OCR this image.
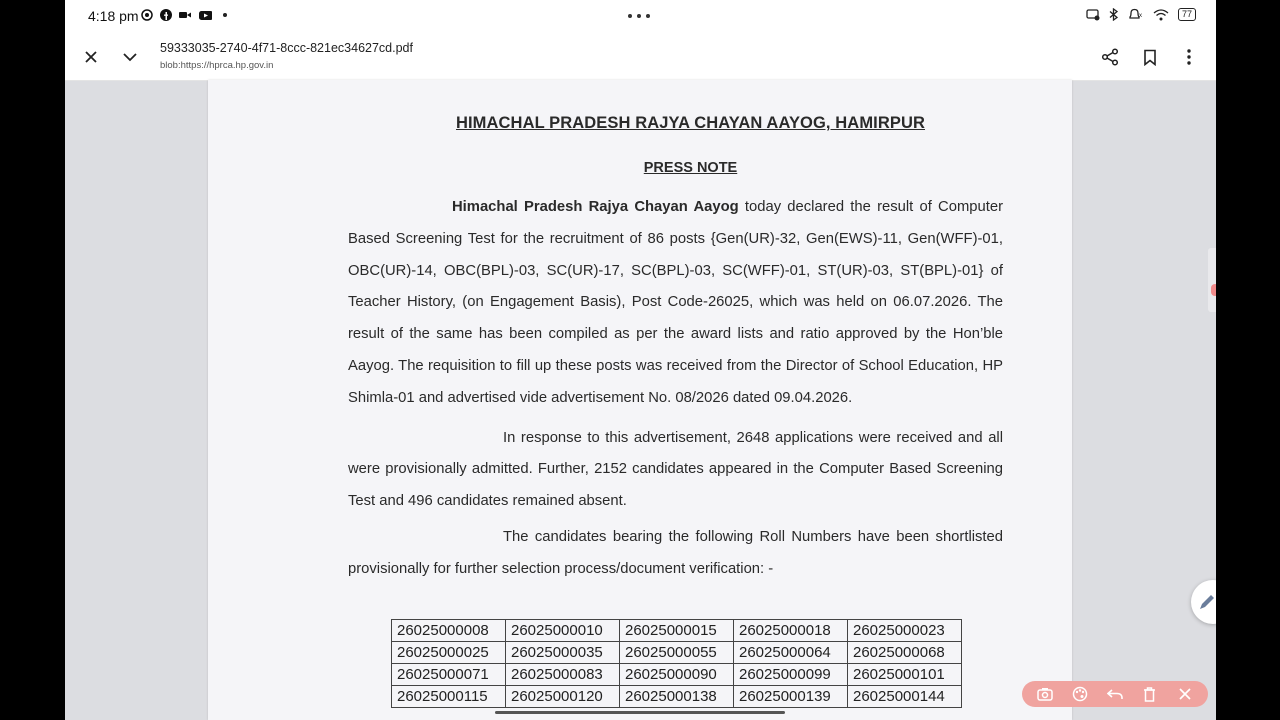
4:18 pm	x	77
59333035-2740-4f71-8ccc-821ec34627cd.pdf
blob:https://hprca.hp.gov.in
HIMACHAL PRADESH RAJYA CHAYAN AAYOG, HAMIRPUR
PRESS NOTE

Himachal Pradesh Rajya Chayan Aayog today declared the result of Computer Based Screening Test for the recruitment of 86 posts {Gen(UR)-32, Gen(EWS)-11, Gen(WFF)-01, OBC(UR)-14, OBC(BPL)-03, SC(UR)-17, SC(BPL)-03, SC(WFF)-01, ST(UR)-03, ST(BPL)-01} of Teacher History, (on Engagement Basis), Post Code-26025, which was held on 06.07.2026. The result of the same has been compiled as per the award lists and ratio approved by the Hon’ble Aayog. The requisition to fill up these posts was received from the Director of School Education, HP Shimla-01 and advertised vide advertisement No. 08/2026 dated 09.04.2026.

In response to this advertisement, 2648 applications were received and all were provisionally admitted. Further, 2152 candidates appeared in the Computer Based Screening Test and 496 candidates remained absent.

The candidates bearing the following Roll Numbers have been shortlisted provisionally for further selection process/document verification: -

26025000008	26025000010	26025000015	26025000018	26025000023
26025000025	26025000035	26025000055	26025000064	26025000068
26025000071	26025000083	26025000090	26025000099	26025000101
26025000115	26025000120	26025000138	26025000139	26025000144
